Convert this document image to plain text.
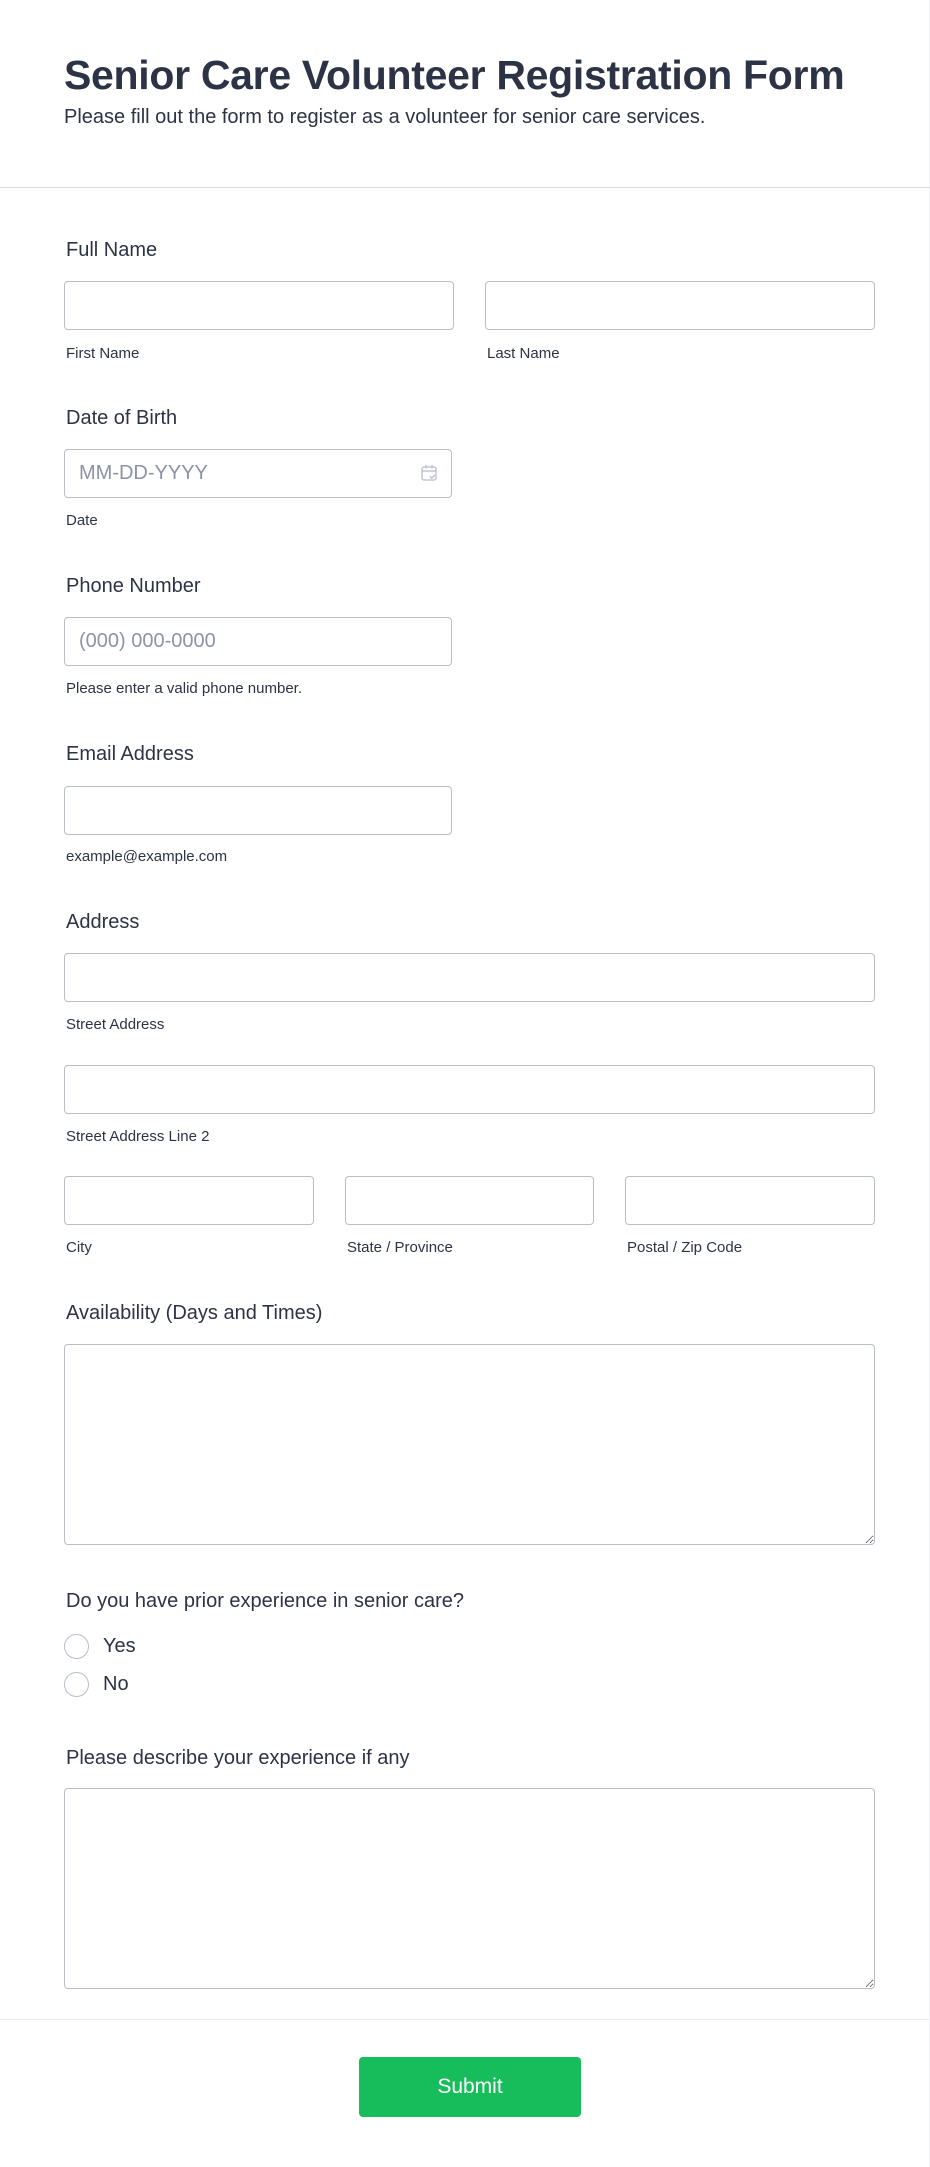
Senior Care Volunteer Registration Form
Please fill out the form to register as a volunteer for senior care services.
Full Name
First Name	Last Name
Date of Birth
MM-DD-YYYY
Date
Phone Number
(000) 000-0000
Please enter a valid phone number.
Email Address
example@example.com
Address
Street Address
Street Address Line 2
City	State / Province	Postal / Zip Code
Availability (Days and Times)
Do you have prior experience in senior care?
Yes
No
Please describe your experience if any
Submit
